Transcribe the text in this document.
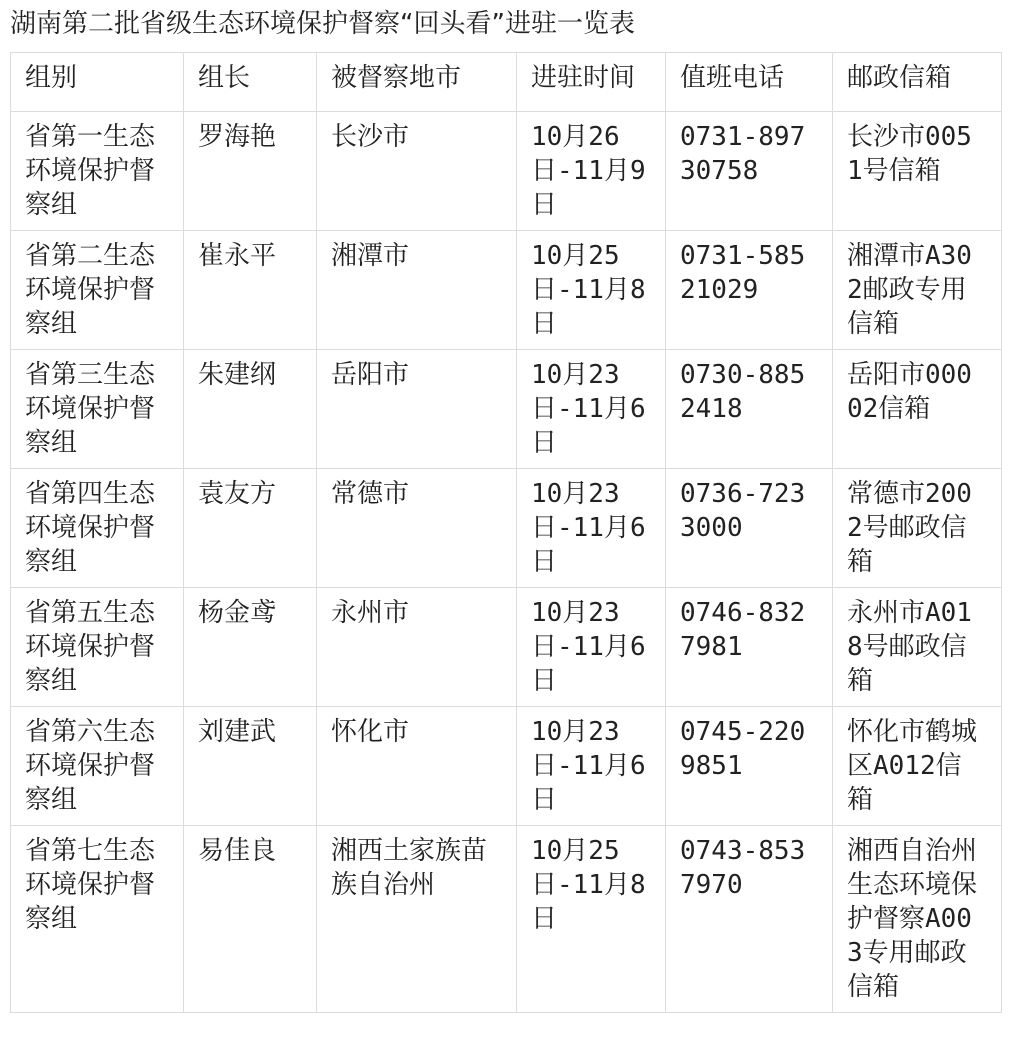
湖南第二批省级生态环境保护督察“回头看”进驻一览表
组别	组长	被督察地市	进驻时间	值班电话	邮政信箱
省第一生态环境保护督察组	罗海艳	长沙市	10月26日-11月9日	0731-89730758	长沙市0051号信箱
省第二生态环境保护督察组	崔永平	湘潭市	10月25日-11月8日	0731-58521029	湘潭市A302邮政专用信箱
省第三生态环境保护督察组	朱建纲	岳阳市	10月23日-11月6日	0730-8852418	岳阳市00002信箱
省第四生态环境保护督察组	袁友方	常德市	10月23日-11月6日	0736-7233000	常德市2002号邮政信箱
省第五生态环境保护督察组	杨金鸢	永州市	10月23日-11月6日	0746-8327981	永州市A018号邮政信箱
省第六生态环境保护督察组	刘建武	怀化市	10月23日-11月6日	0745-2209851	怀化市鹤城区A012信箱
省第七生态环境保护督察组	易佳良	湘西土家族苗族自治州	10月25日-11月8日	0743-8537970	湘西自治州生态环境保护督察A003专用邮政信箱
